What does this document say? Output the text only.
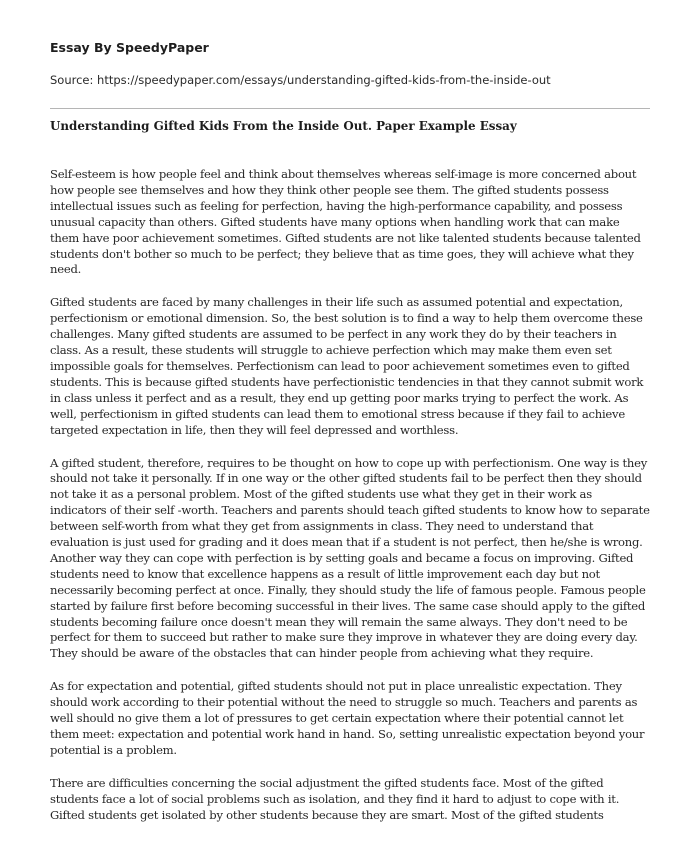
Essay By SpeedyPaper
Source: https://speedypaper.com/essays/understanding-gifted-kids-from-the-inside-out
Understanding Gifted Kids From the Inside Out. Paper Example Essay

Self-esteem is how people feel and think about themselves whereas self-image is more concerned about how people see themselves and how they think other people see them. The gifted students possess intellectual issues such as feeling for perfection, having the high-performance capability, and possess unusual capacity than others. Gifted students have many options when handling work that can make them have poor achievement sometimes. Gifted students are not like talented students because talented students don't bother so much to be perfect; they believe that as time goes, they will achieve what they need.

Gifted students are faced by many challenges in their life such as assumed potential and expectation, perfectionism or emotional dimension. So, the best solution is to find a way to help them overcome these challenges. Many gifted students are assumed to be perfect in any work they do by their teachers in class. As a result, these students will struggle to achieve perfection which may make them even set impossible goals for themselves. Perfectionism can lead to poor achievement sometimes even to gifted students. This is because gifted students have perfectionistic tendencies in that they cannot submit work in class unless it perfect and as a result, they end up getting poor marks trying to perfect the work. As well, perfectionism in gifted students can lead them to emotional stress because if they fail to achieve targeted expectation in life, then they will feel depressed and worthless.

A gifted student, therefore, requires to be thought on how to cope up with perfectionism. One way is they should not take it personally. If in one way or the other gifted students fail to be perfect then they should not take it as a personal problem. Most of the gifted students use what they get in their work as indicators of their self -worth. Teachers and parents should teach gifted students to know how to separate between self-worth from what they get from assignments in class. They need to understand that evaluation is just used for grading and it does mean that if a student is not perfect, then he/she is wrong. Another way they can cope with perfection is by setting goals and became a focus on improving. Gifted students need to know that excellence happens as a result of little improvement each day but not necessarily becoming perfect at once. Finally, they should study the life of famous people. Famous people started by failure first before becoming successful in their lives. The same case should apply to the gifted students becoming failure once doesn't mean they will remain the same always. They don't need to be perfect for them to succeed but rather to make sure they improve in whatever they are doing every day. They should be aware of the obstacles that can hinder people from achieving what they require.

As for expectation and potential, gifted students should not put in place unrealistic expectation. They should work according to their potential without the need to struggle so much. Teachers and parents as well should no give them a lot of pressures to get certain expectation where their potential cannot let them meet: expectation and potential work hand in hand. So, setting unrealistic expectation beyond your potential is a problem.

There are difficulties concerning the social adjustment the gifted students face. Most of the gifted students face a lot of social problems such as isolation, and they find it hard to adjust to cope with it. Gifted students get isolated by other students because they are smart. Most of the gifted students
